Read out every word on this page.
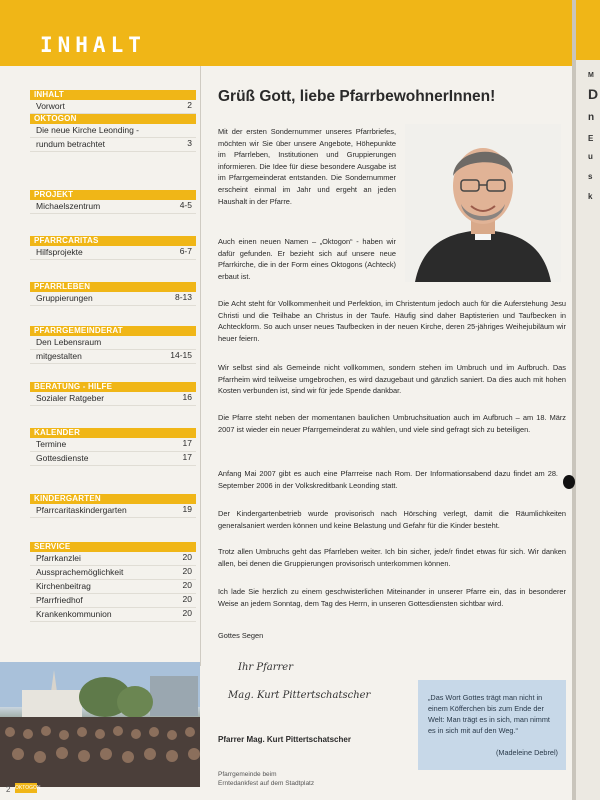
INHALT
INHALT
Vorwort	2
OKTOGON
Die neue Kirche Leonding -
rundum betrachtet	3
PROJEKT
Michaelszentrum	4-5
PFARRCARITAS
Hilfsprojekte	6-7
PFARRLEBEN
Gruppierungen	8-13
PFARRGEMEINDERAT
Den Lebensraum
mitgestalten	14-15
BERATUNG - HILFE
Sozialer Ratgeber	16
KALENDER
Termine	17
Gottesdienste	17
KINDERGARTEN
Pfarrcaritaskindergarten	19
SERVICE
Pfarrkanzlei	20
Aussprachemöglichkeit	20
Kirchenbeitrag	20
Pfarrfriedhof	20
Krankenkommunion	20
2 OKTOGON
Grüß Gott, liebe PfarrbewohnerInnen!

Mit der ersten Sondernummer unseres Pfarrbriefes, möchten wir Sie über unsere Angebote, Höhepunkte im Pfarrleben, Institutionen und Gruppierungen informieren. Die Idee für diese besondere Ausgabe ist im Pfarrgemeinderat entstanden. Die Sondernummer erscheint einmal im Jahr und ergeht an jeden Haushalt in der Pfarre.

Auch einen neuen Namen – „Oktogon“ - haben wir dafür gefunden. Er bezieht sich auf unsere neue Pfarrkirche, die in der Form eines Oktogons (Achteck) erbaut ist.

Die Acht steht für Vollkommenheit und Perfektion, im Christentum jedoch auch für die Auferstehung Jesu Christi und die Teilhabe an Christus in der Taufe. Häufig sind daher Baptisterien und Taufbecken in Achteckform. So auch unser neues Taufbecken in der neuen Kirche, deren 25-jähriges Weihejubiläum wir heuer feiern.

Wir selbst sind als Gemeinde nicht vollkommen, sondern stehen im Umbruch und im Aufbruch. Das Pfarrheim wird teilweise umgebrochen, es wird dazugebaut und gänzlich saniert. Da dies auch mit hohen Kosten verbunden ist, sind wir für jede Spende dankbar.

Die Pfarre steht neben der momentanen baulichen Umbruchsituation auch im Aufbruch – am 18. März 2007 ist wieder ein neuer Pfarrgemeinderat zu wählen, und viele sind gefragt sich zu beteiligen.

Anfang Mai 2007 gibt es auch eine Pfarrreise nach Rom. Der Informationsabend dazu findet am 28. September 2006 in der Volkskreditbank Leonding statt.

Der Kindergartenbetrieb wurde provisorisch nach Hörsching verlegt, damit die Räumlichkeiten generalsaniert werden können und keine Belastung und Gefahr für die Kinder besteht.

Trotz allen Umbruchs geht das Pfarrleben weiter. Ich bin sicher, jede/r findet etwas für sich. Wir danken allen, bei denen die Gruppierungen provisorisch unterkommen können.

Ich lade Sie herzlich zu einem geschwisterlichen Miteinander in unserer Pfarre ein, das in besonderer Weise an jedem Sonntag, dem Tag des Herrn, in unseren Gottesdiensten sichtbar wird.

Gottes Segen

Ihr Pfarrer
Mag. Kurt Pittertschatscher
Pfarrer Mag. Kurt Pittertschatscher
Pfarrgemeinde beim
Erntedankfest auf dem Stadtplatz

„Das Wort Gottes trägt man nicht in einem Köfferchen bis zum Ende der Welt: Man trägt es in sich, man nimmt es in sich mit auf den Weg.“

(Madeleine Debrel)
M
D
n
E
u
s
k
